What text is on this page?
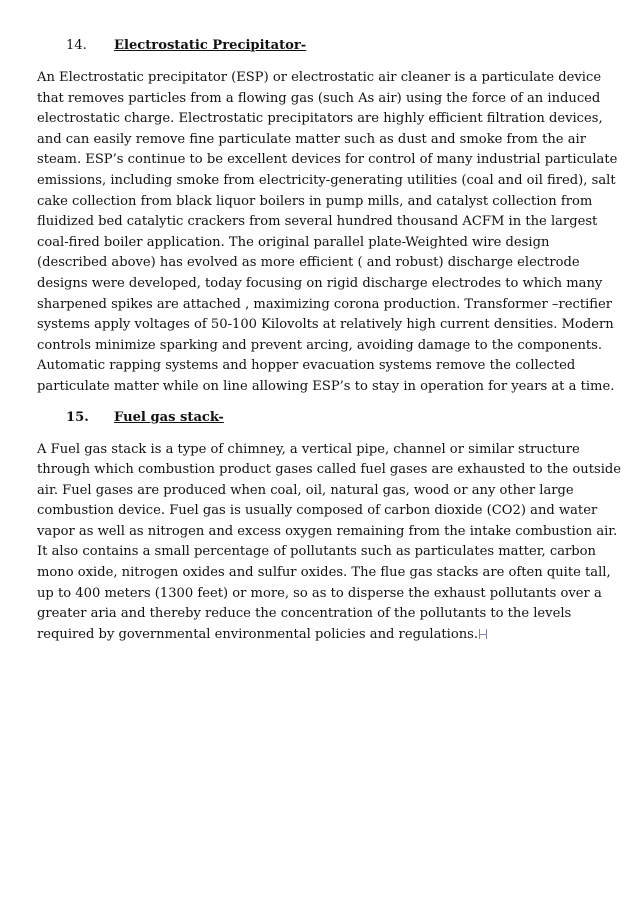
14.	Electrostatic Precipitator-

An Electrostatic precipitator (ESP) or electrostatic air cleaner is a particulate device
that removes particles from a flowing gas (such As air) using the force of an induced
electrostatic charge. Electrostatic precipitators are highly efficient filtration devices,
and can easily remove fine particulate matter such as dust and smoke from the air
steam. ESP’s continue to be excellent devices for control of many industrial particulate
emissions, including smoke from electricity-generating utilities (coal and oil fired), salt
cake collection from black liquor boilers in pump mills, and catalyst collection from
fluidized bed catalytic crackers from several hundred thousand ACFM in the largest
coal-fired boiler application. The original parallel plate-Weighted wire design
(described above) has evolved as more efficient ( and robust) discharge electrode
designs were developed, today focusing on rigid discharge electrodes to which many
sharpened spikes are attached , maximizing corona production. Transformer –rectifier
systems apply voltages of 50-100 Kilovolts at relatively high current densities. Modern
controls minimize sparking and prevent arcing, avoiding damage to the components.
Automatic rapping systems and hopper evacuation systems remove the collected
particulate matter while on line allowing ESP’s to stay in operation for years at a time.

15.	Fuel gas stack-

A Fuel gas stack is a type of chimney, a vertical pipe, channel or similar structure
through which combustion product gases called fuel gases are exhausted to the outside
air. Fuel gases are produced when coal, oil, natural gas, wood or any other large
combustion device. Fuel gas is usually composed of carbon dioxide (CO2) and water
vapor as well as nitrogen and excess oxygen remaining from the intake combustion air.
It also contains a small percentage of pollutants such as particulates matter, carbon
mono oxide, nitrogen oxides and sulfur oxides. The flue gas stacks are often quite tall,
up to 400 meters (1300 feet) or more, so as to disperse the exhaust pollutants over a
greater aria and thereby reduce the concentration of the pollutants to the levels
required by governmental environmental policies and regulations.
